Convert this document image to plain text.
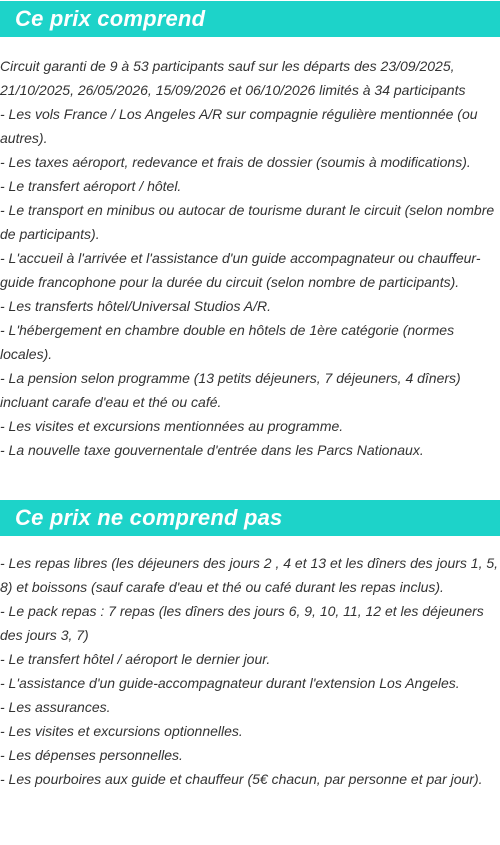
Ce prix comprend

Circuit garanti de 9 à 53 participants sauf sur les départs des 23/09/2025, 21/10/2025, 26/05/2026, 15/09/2026 et 06/10/2026 limités à 34 participants

- Les vols France / Los Angeles A/R sur compagnie régulière mentionnée (ou autres).

- Les taxes aéroport, redevance et frais de dossier (soumis à modifications).

- Le transfert aéroport / hôtel.

- Le transport en minibus ou autocar de tourisme durant le circuit (selon nombre de participants).

- L'accueil à l'arrivée et l'assistance d'un guide accompagnateur ou chauffeur-guide francophone pour la durée du circuit (selon nombre de participants).

- Les transferts hôtel/Universal Studios A/R.

- L'hébergement en chambre double en hôtels de 1ère catégorie (normes locales).

- La pension selon programme (13 petits déjeuners, 7 déjeuners, 4 dîners) incluant carafe d'eau et thé ou café.

- Les visites et excursions mentionnées au programme.

- La nouvelle taxe gouvernentale d'entrée dans les Parcs Nationaux.

Ce prix ne comprend pas

- Les repas libres (les déjeuners des jours 2 , 4 et 13 et les dîners des jours 1, 5, 8) et boissons (sauf carafe d'eau et thé ou café durant les repas inclus).

- Le pack repas : 7 repas (les dîners des jours 6, 9, 10, 11, 12 et les déjeuners des jours 3, 7)

- Le transfert hôtel / aéroport le dernier jour.

- L'assistance d'un guide-accompagnateur durant l'extension Los Angeles.

- Les assurances.

- Les visites et excursions optionnelles.

- Les dépenses personnelles.

- Les pourboires aux guide et chauffeur (5€ chacun, par personne et par jour).
